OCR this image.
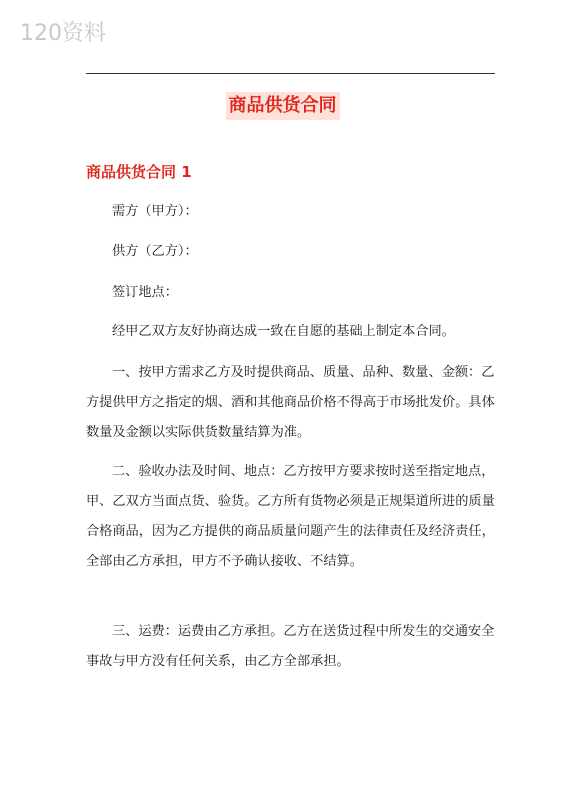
120资料
商品供货合同
商品供货合同 1

需方（甲方）：

供方（乙方）：

签订地点：

经甲乙双方友好协商达成一致在自愿的基础上制定本合同。

一、按甲方需求乙方及时提供商品、质量、品种、数量、金额：乙方提供甲方之指定的烟、酒和其他商品价格不得高于市场批发价。具体数量及金额以实际供货数量结算为准。

二、验收办法及时间、地点：乙方按甲方要求按时送至指定地点，甲、乙双方当面点货、验货。乙方所有货物必须是正规渠道所进的质量合格商品，因为乙方提供的商品质量问题产生的法律责任及经济责任，全部由乙方承担，甲方不予确认接收、不结算。

三、运费：运费由乙方承担。乙方在送货过程中所发生的交通安全事故与甲方没有任何关系，由乙方全部承担。
